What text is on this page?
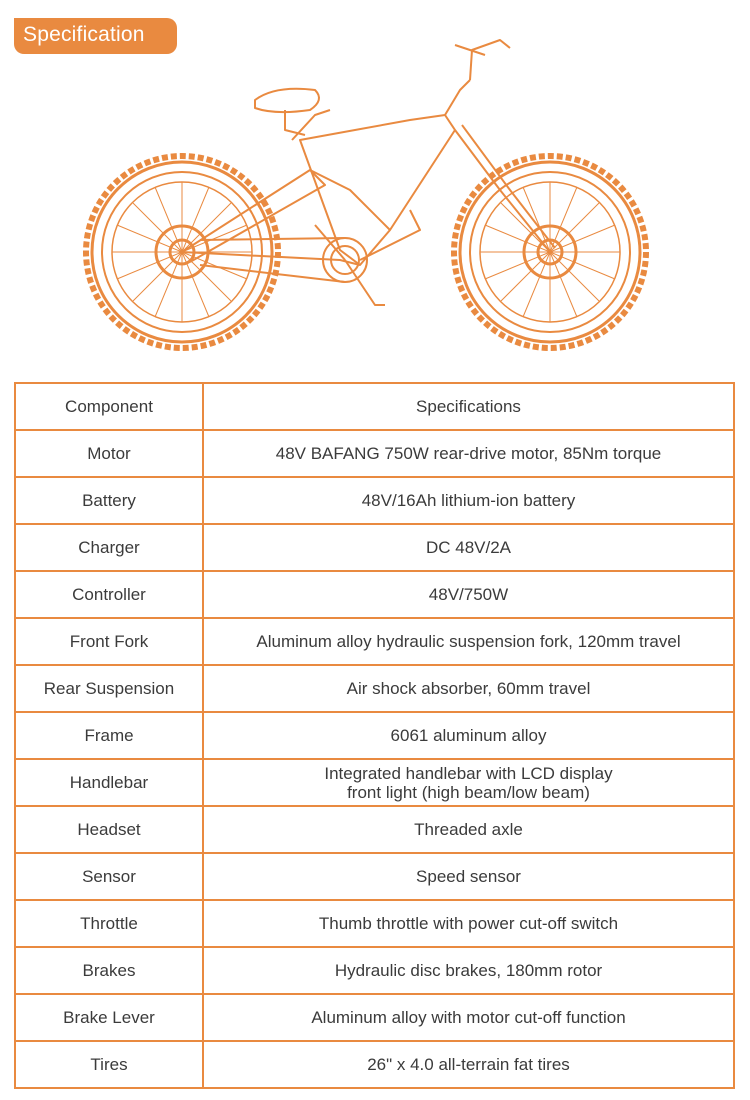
Specification
Component	Specifications
Motor	48V BAFANG 750W rear-drive motor, 85Nm torque
Battery	48V/16Ah lithium-ion battery
Charger	DC 48V/2A
Controller	48V/750W
Front Fork	Aluminum alloy hydraulic suspension fork, 120mm travel
Rear Suspension	Air shock absorber, 60mm travel
Frame	6061 aluminum alloy
Handlebar	Integrated handlebar with LCD display
front light (high beam/low beam)

Headset	Threaded axle
Sensor	Speed sensor
Throttle	Thumb throttle with power cut-off switch
Brakes	Hydraulic disc brakes, 180mm rotor
Brake Lever	Aluminum alloy with motor cut-off function
Tires	26" x 4.0 all-terrain fat tires
